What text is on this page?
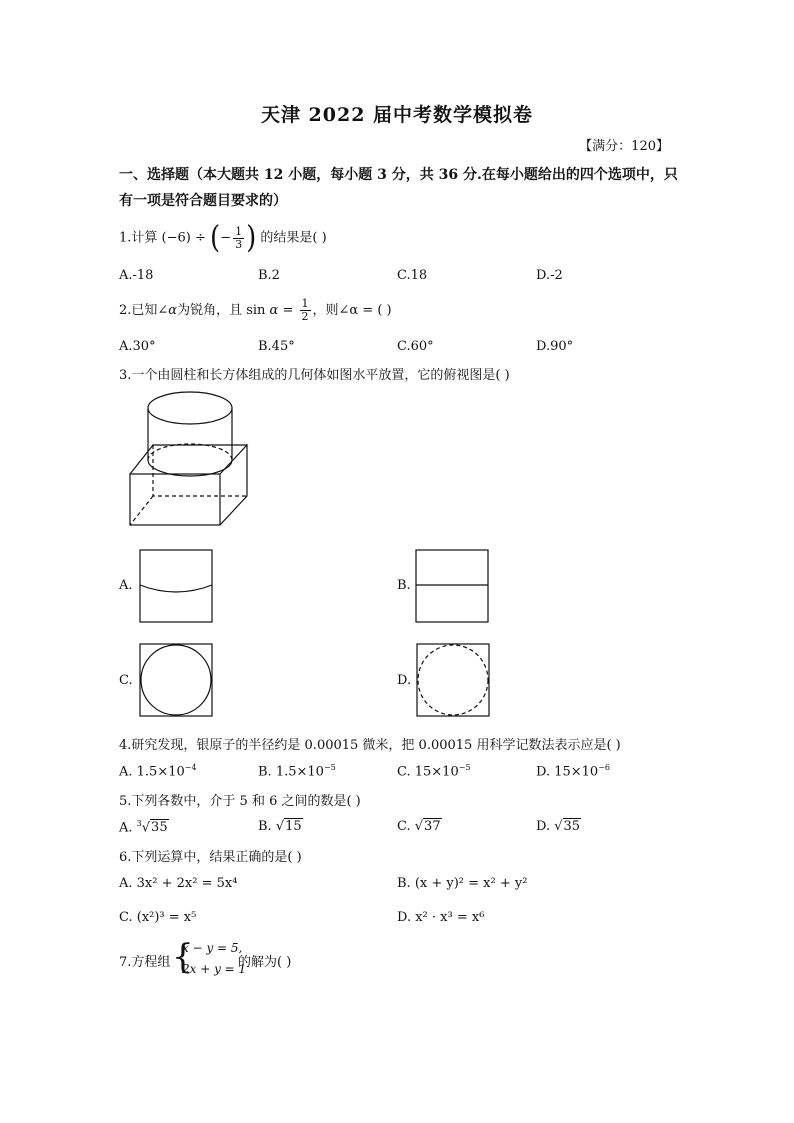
天津 2022 届中考数学模拟卷
【满分：120】
一、选择题（本大题共 12 小题，每小题 3 分，共 36 分.在每小题给出的四个选项中，只有一项是符合题目要求的）
1.计算 (−6) ÷ (− $\frac{1}{3}$ ) 的结果是( )
A.-18	B.2	C.18	D.-2
2.已知∠α为锐角，且 $\sin \alpha = \frac{1}{2}$ ，则∠α = ( )
A.30°	B.45°	C.60°	D.90°
3.一个由圆柱和长方体组成的几何体如图水平放置，它的俯视图是( )
A.	B.
C.	D.
4.研究发现，银原子的半径约是 0.00015 微米，把 0.00015 用科学记数法表示应是( )
A. $1.5\times 10^{-4}$	B. $1.5\times 10^{-5}$	C. $15\times 10^{-5}$	D. $15\times 10^{-6}$
5.下列各数中，介于 5 和 6 之间的数是( )
A. $^3$√35	B. √15	C. √37	D. √35
6.下列运算中，结果正确的是( )
A. 3x² + 2x² = 5x⁴	B. (x + y)² = x² + y²
C. (x²)³ = x⁵	D. x² · x³ = x⁶
7.方程组 {
x − y = 5,
2x + y = 1
的解为( )
